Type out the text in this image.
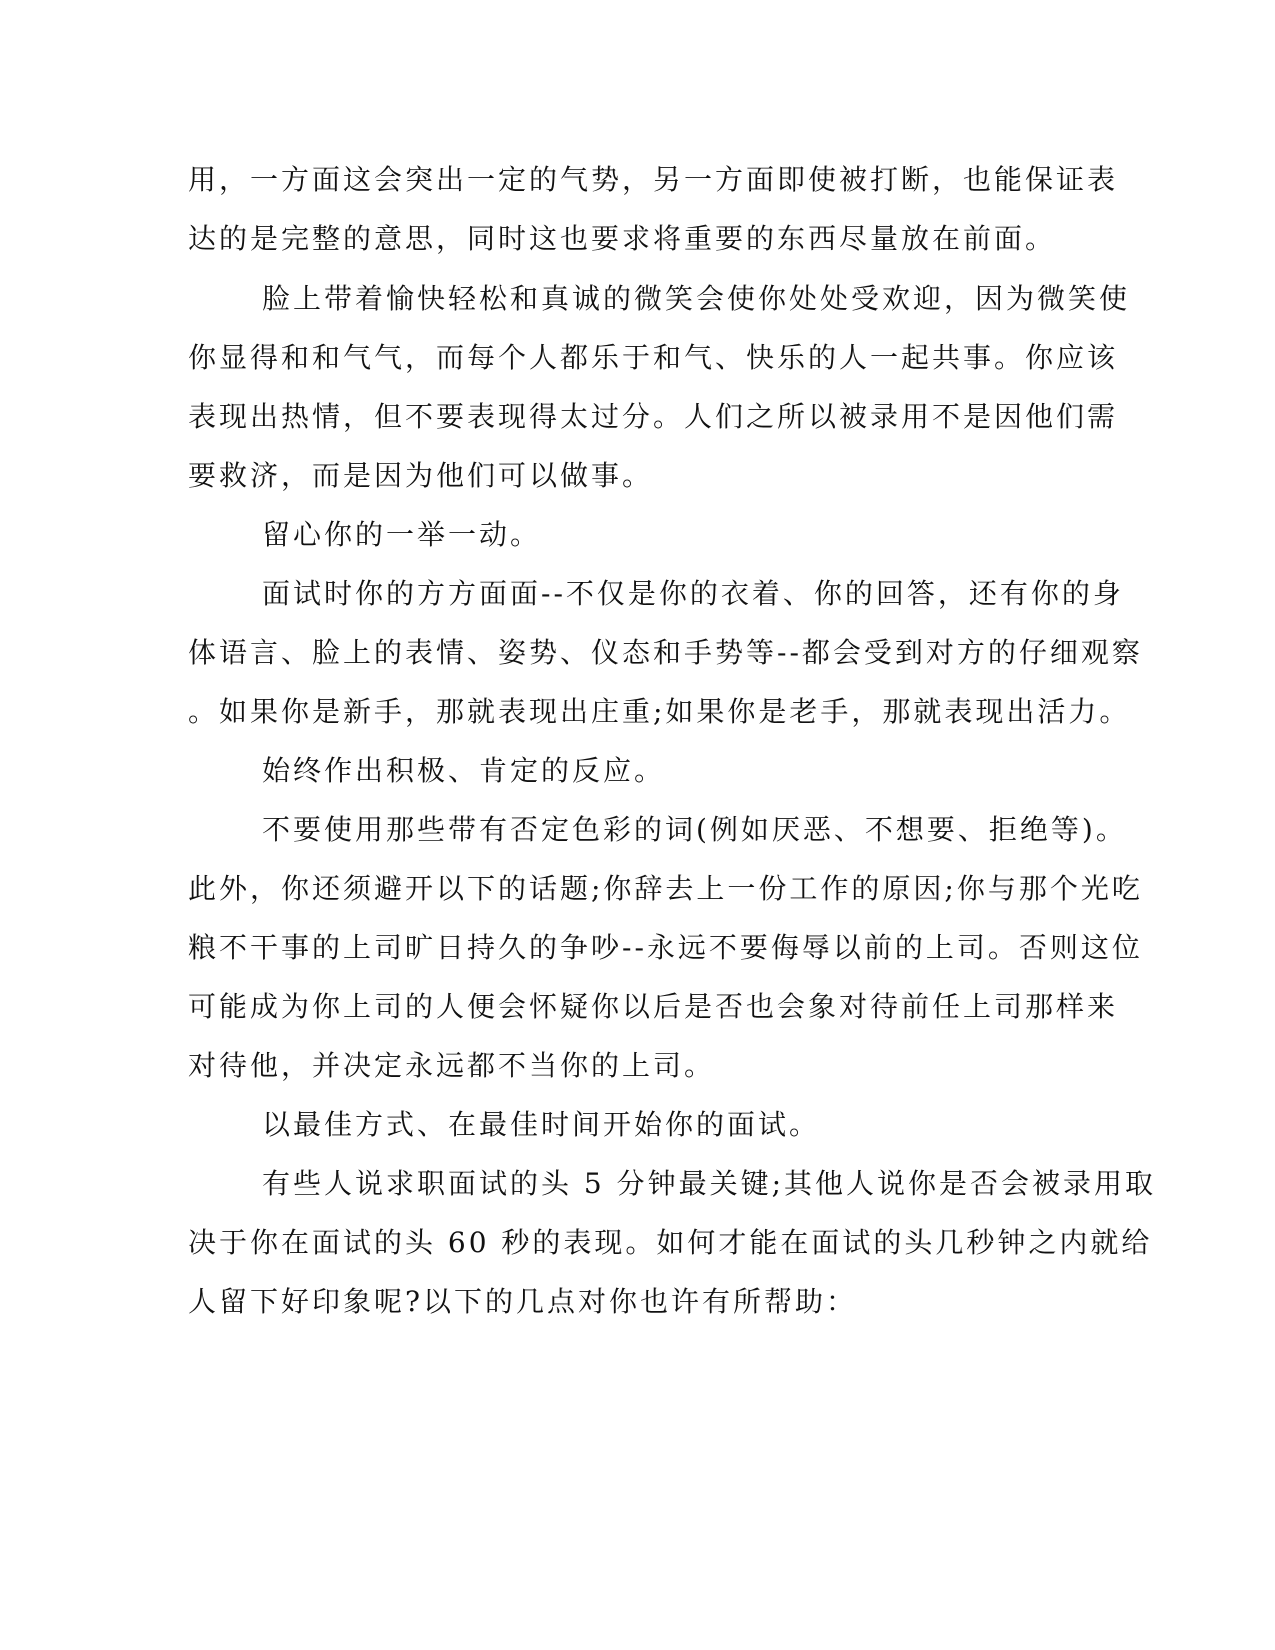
用，一方面这会突出一定的气势，另一方面即使被打断，也能保证表
达的是完整的意思，同时这也要求将重要的东西尽量放在前面。
脸上带着愉快轻松和真诚的微笑会使你处处受欢迎，因为微笑使
你显得和和气气，而每个人都乐于和气、快乐的人一起共事。你应该
表现出热情，但不要表现得太过分。人们之所以被录用不是因他们需
要救济，而是因为他们可以做事。
留心你的一举一动。
面试时你的方方面面--不仅是你的衣着、你的回答，还有你的身
体语言、脸上的表情、姿势、仪态和手势等--都会受到对方的仔细观察
。如果你是新手，那就表现出庄重;如果你是老手，那就表现出活力。
始终作出积极、肯定的反应。
不要使用那些带有否定色彩的词(例如厌恶、不想要、拒绝等)。
此外，你还须避开以下的话题;你辞去上一份工作的原因;你与那个光吃
粮不干事的上司旷日持久的争吵--永远不要侮辱以前的上司。否则这位
可能成为你上司的人便会怀疑你以后是否也会象对待前任上司那样来
对待他，并决定永远都不当你的上司。
以最佳方式、在最佳时间开始你的面试。
有些人说求职面试的头 5 分钟最关键;其他人说你是否会被录用取
决于你在面试的头 60 秒的表现。如何才能在面试的头几秒钟之内就给
人留下好印象呢?以下的几点对你也许有所帮助：
